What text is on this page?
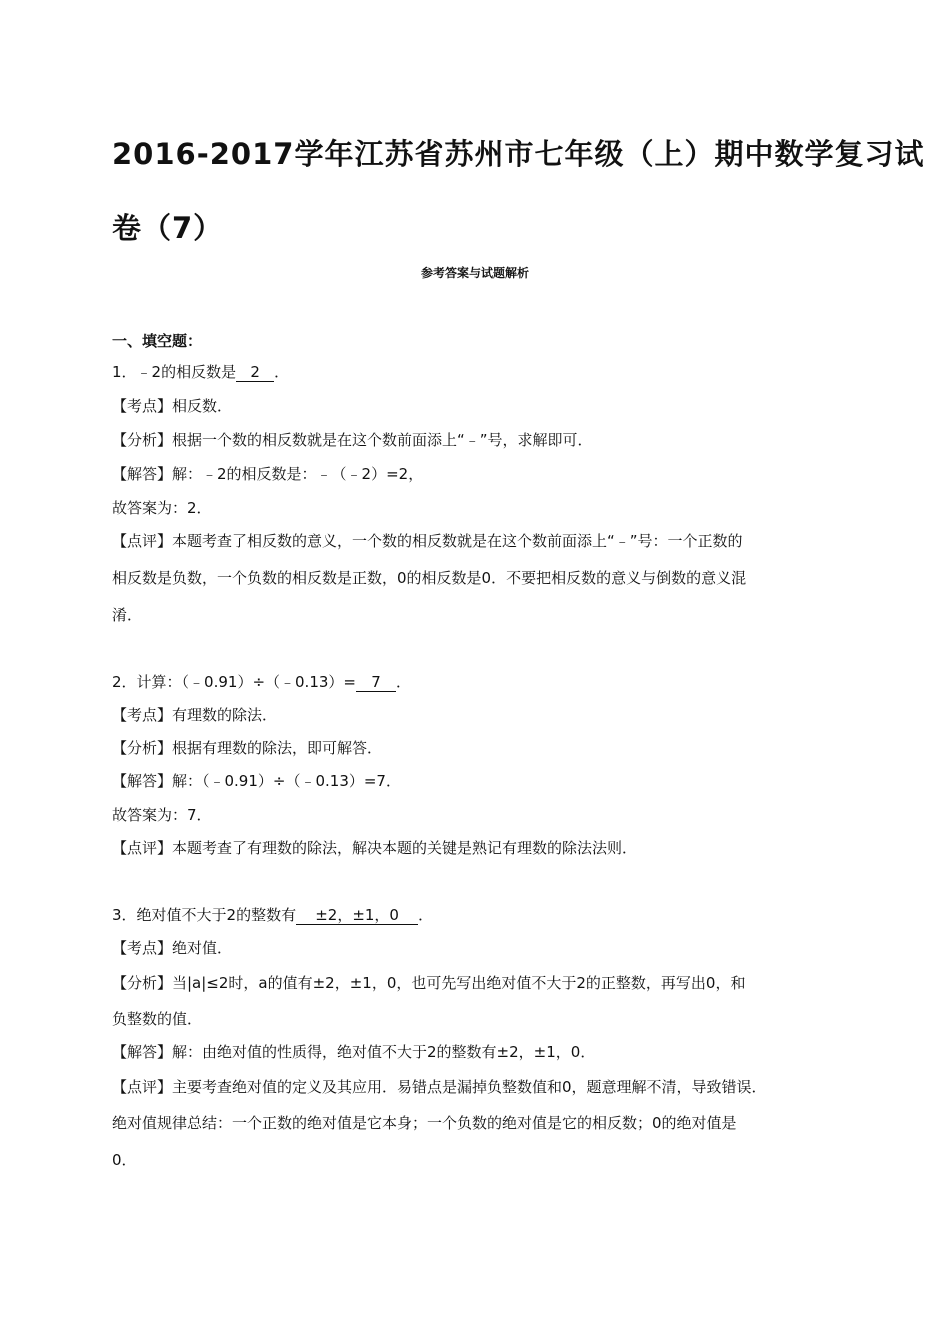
2016-2017学年江苏省苏州市七年级（上）期中数学复习试
卷（7）
参考答案与试题解析
一、填空题：
1．﹣2的相反数是 2 ．
【考点】相反数．
【分析】根据一个数的相反数就是在这个数前面添上“﹣”号，求解即可．
【解答】解：﹣2的相反数是：﹣（﹣2）=2，
故答案为：2．
【点评】本题考查了相反数的意义，一个数的相反数就是在这个数前面添上“﹣”号：一个正数的
相反数是负数，一个负数的相反数是正数，0的相反数是0．不要把相反数的意义与倒数的意义混
淆．
2．计算：（﹣0.91）÷（﹣0.13）= 7 ．
【考点】有理数的除法．
【分析】根据有理数的除法，即可解答．
【解答】解：（﹣0.91）÷（﹣0.13）=7．
故答案为：7．
【点评】本题考查了有理数的除法，解决本题的关键是熟记有理数的除法法则．
3．绝对值不大于2的整数有 ±2，±1，0 ．
【考点】绝对值．
【分析】当|a|≤2时，a的值有±2，±1，0，也可先写出绝对值不大于2的正整数，再写出0，和
负整数的值．
【解答】解：由绝对值的性质得，绝对值不大于2的整数有±2，±1，0．
【点评】主要考查绝对值的定义及其应用．易错点是漏掉负整数值和0，题意理解不清，导致错误．
绝对值规律总结：一个正数的绝对值是它本身；一个负数的绝对值是它的相反数；0的绝对值是
0．
